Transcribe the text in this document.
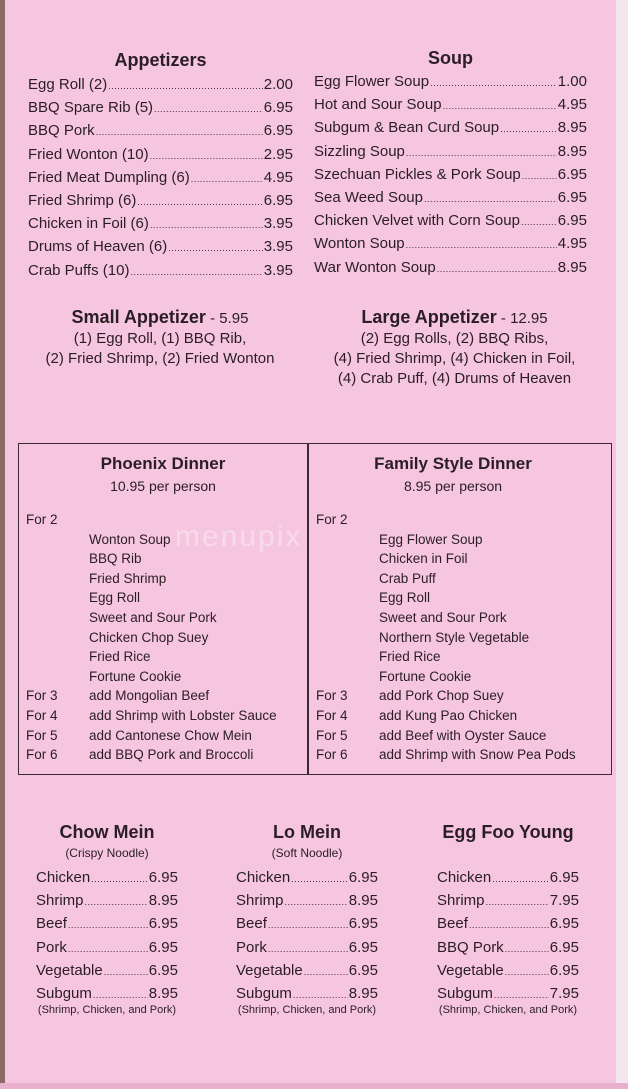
menupix
Appetizers
Egg Roll (2) .....	2.00
BBQ Spare Rib (5) .....	6.95
BBQ Pork .....	6.95
Fried Wonton (10) .....	2.95
Fried Meat Dumpling (6) .....	4.95
Fried Shrimp (6) .....	6.95
Chicken in Foil (6) .....	3.95
Drums of Heaven (6) .....	3.95
Crab Puffs (10) .....	3.95
Soup
Egg Flower Soup .....	1.00
Hot and Sour Soup .....	4.95
Subgum & Bean Curd Soup .....	8.95
Sizzling Soup .....	8.95
Szechuan Pickles & Pork Soup ..... 6.95
Sea Weed Soup .....	6.95
Chicken Velvet with Corn Soup .....	6.95
Wonton Soup .....	4.95
War Wonton Soup .....	8.95
Small Appetizer - 5.95
(1) Egg Roll, (1) BBQ Rib,
(2) Fried Shrimp, (2) Fried Wonton
Large Appetizer - 12.95
(2) Egg Rolls, (2) BBQ Ribs,
(4) Fried Shrimp, (4) Chicken in Foil,
(4) Crab Puff, (4) Drums of Heaven
Phoenix Dinner
10.95 per person
For 2
Wonton Soup
BBQ Rib
Fried Shrimp
Egg Roll
Sweet and Sour Pork
Chicken Chop Suey
Fried Rice
Fortune Cookie
For 3 add Mongolian Beef
For 4 add Shrimp with Lobster Sauce
For 5 add Cantonese Chow Mein
For 6 add BBQ Pork and Broccoli
Family Style Dinner
8.95 per person
For 2
Egg Flower Soup
Chicken in Foil
Crab Puff
Egg Roll
Sweet and Sour Pork
Northern Style Vegetable
Fried Rice
Fortune Cookie
For 3 add Pork Chop Suey
For 4 add Kung Pao Chicken
For 5 add Beef with Oyster Sauce
For 6 add Shrimp with Snow Pea Pods
Chow Mein
(Crispy Noodle)
Chicken .....	6.95
Shrimp .....	8.95
Beef .....	6.95
Pork .....	6.95
Vegetable .....	6.95
Subgum .....	8.95
(Shrimp, Chicken, and Pork)
Lo Mein
(Soft Noodle)
Chicken .....	6.95
Shrimp .....	8.95
Beef .....	6.95
Pork .....	6.95
Vegetable .....	6.95
Subgum .....	8.95
(Shrimp, Chicken, and Pork)
Egg Foo Young
Chicken .....	6.95
Shrimp .....	7.95
Beef .....	6.95
BBQ Pork .....	6.95
Vegetable .....	6.95
Subgum .....	7.95
(Shrimp, Chicken, and Pork)
